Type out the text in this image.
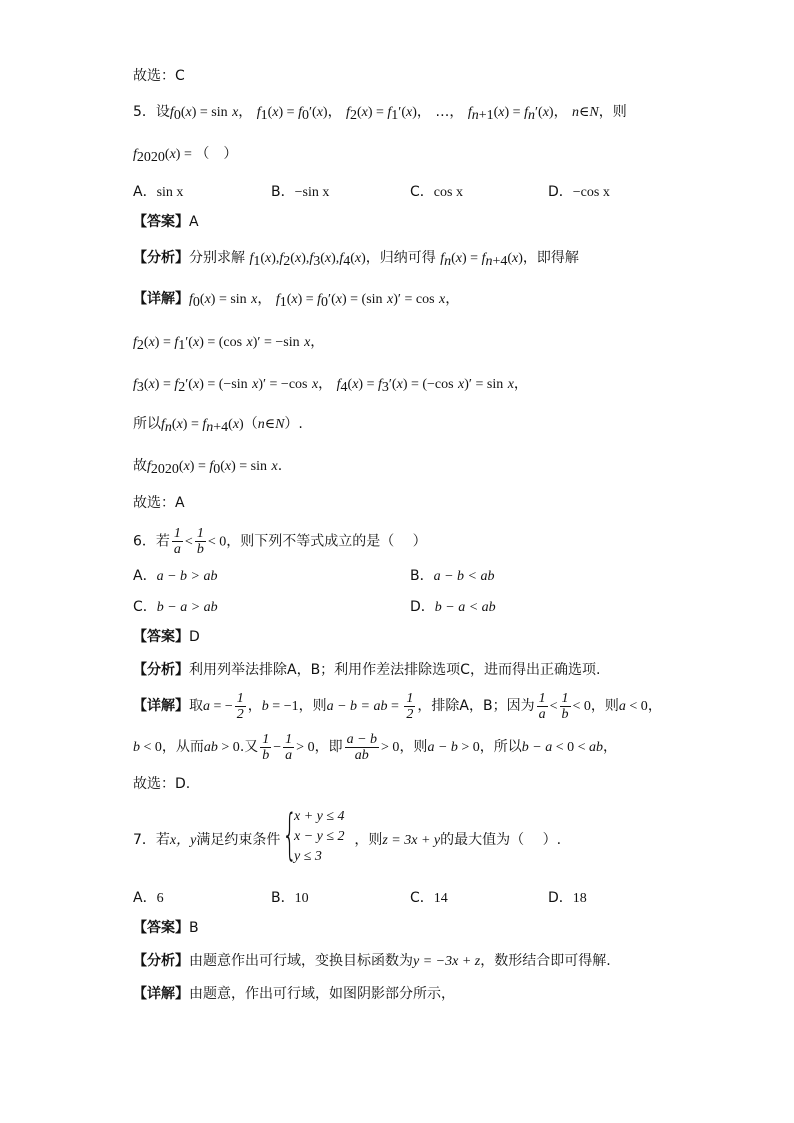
故选：C
5．设$f_0(x) = \sin x$， $f_1(x) = f_0'(x)$， $f_2(x) = f_1'(x)$， …， $f_{n+1}(x) = f_n'(x)$， n∈N，则
$f_{2020}(x)$ = （　）
A．sin x	B．−sin x	C．cos x	D．−cos x
【答案】A
【分析】分别求解 $f_1(x),f_2(x),f_3(x),f_4(x)$，归纳可得 $f_n(x) = f_{n+4}(x)$，即得解
【详解】$f_0(x) = \sin x$， $f_1(x) = f_0'(x) = (\sin$ x)′ = cos x，
$f_2(x) = f_1'(x) = (\cos$ x)′ = −sin x，
$f_3(x) = f_2'(x) = (-\sin$ x)′ = −cos x， $f_4(x) = f_3'(x) = (-\cos$ x)′ = sin x，
所以$f_n(x)$ = $f_{n+4}(x)(n\in N)$.
故$f_{2020}(x) = f_0(x) = \sin x$.
故选：A
6．若 $\frac{1}{a} < \frac{1}{b} < 0$，则下列不等式成立的是（　 ）
A．a − b > ab	B．a − b < ab
C．b − a > ab	D．b − a < ab
【答案】D
【分析】利用列举法排除A，B；利用作差法排除选项C，进而得出正确选项.
【详解】取a = − $\frac{1}{2}$ ，b = −1，则a − b = ab = $\frac{1}{2}$ ，排除A，B；因为 $\frac{1}{a} < \frac{1}{b} < 0$，则a < 0，
b < 0，从而ab > 0.又 $\frac{1}{b} - \frac{1}{a} > 0$，即 $\frac{a - b}{ab} > 0$，则a − b > 0，所以b − a < 0 < ab，
故选：D.
7．若x，y满足约束条件	，则z = 3x + y的最大值为（　 ）.
{
x + y ≤ 4
x − y ≤ 2
y ≤ 3
A．6	B．10	C．14	D．18
【答案】B
【分析】由题意作出可行域，变换目标函数为y = −3x + z，数形结合即可得解.
【详解】由题意，作出可行域，如图阴影部分所示，
